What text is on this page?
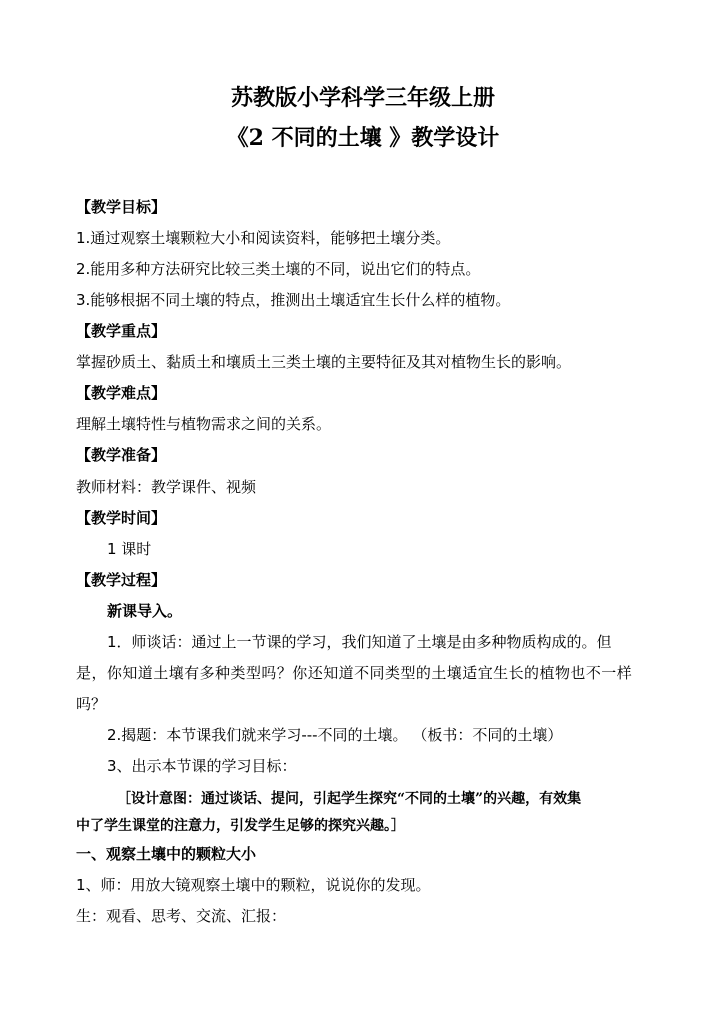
苏教版小学科学三年级上册
《2 不同的土壤 》教学设计
【教学目标】
1.通过观察土壤颗粒大小和阅读资料，能够把土壤分类。
2.能用多种方法研究比较三类土壤的不同，说出它们的特点。
3.能够根据不同土壤的特点，推测出土壤适宜生长什么样的植物。
【教学重点】
掌握砂质土、黏质土和壤质土三类土壤的主要特征及其对植物生长的影响。
【教学难点】
理解土壤特性与植物需求之间的关系。
【教学准备】
教师材料：教学课件、视频
【教学时间】
1 课时
【教学过程】
新课导入。
1．师谈话：通过上一节课的学习，我们知道了土壤是由多种物质构成的。但
是，你知道土壤有多种类型吗？你还知道不同类型的土壤适宜生长的植物也不一样
吗？
2.揭题：本节课我们就来学习---不同的土壤。 （板书：不同的土壤）
3、出示本节课的学习目标：
［设计意图：通过谈话、提问，引起学生探究“不同的土壤”的兴趣，有效集
中了学生课堂的注意力，引发学生足够的探究兴趣。］
一、观察土壤中的颗粒大小
1、师：用放大镜观察土壤中的颗粒，说说你的发现。
生：观看、思考、交流、汇报：
